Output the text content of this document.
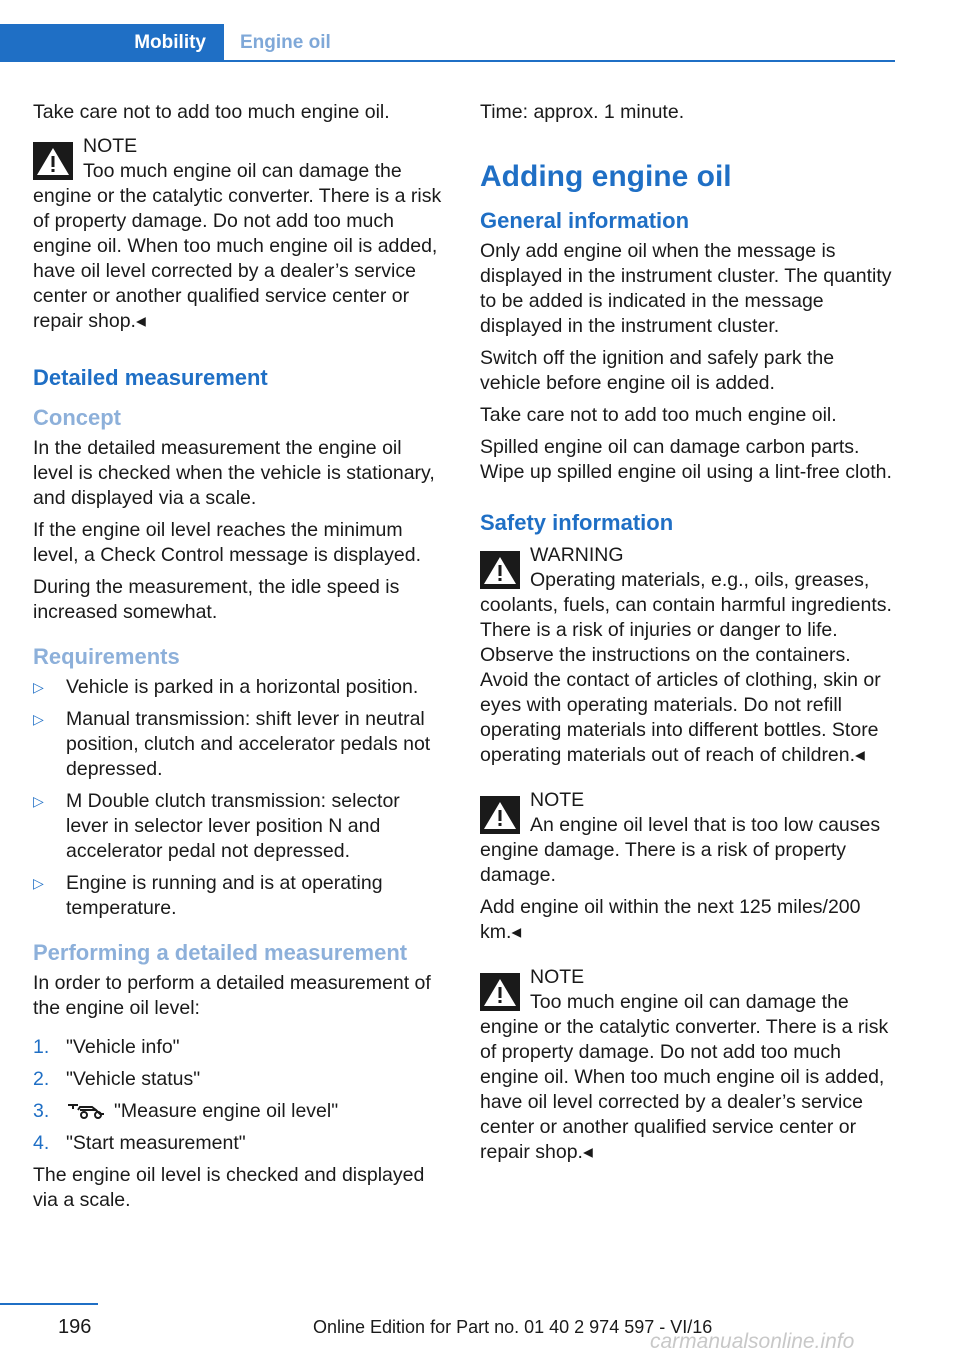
Mobility	Engine oil

Take care not to add too much engine oil.

NOTE
Too much engine oil can damage the engine or the catalytic converter. There is a risk of property damage. Do not add too much engine oil. When too much engine oil is added, have oil level corrected by a dealer’s service center or another qualified service center or repair shop.◂
Detailed measurement
Concept

In the detailed measurement the engine oil level is checked when the vehicle is stationary, and displayed via a scale.

If the engine oil level reaches the minimum level, a Check Control message is displayed.

During the measurement, the idle speed is increased somewhat.

Requirements
▷ Vehicle is parked in a horizontal position.
▷ Manual transmission: shift lever in neutral position, clutch and accelerator pedals not depressed.
▷ M Double clutch transmission: selector lever in selector lever position N and accelerator pedal not depressed.
▷ Engine is running and is at operating temperature.
Performing a detailed measurement

In order to perform a detailed measurement of the engine oil level:

1. "Vehicle info"
2. "Vehicle status"
3.	"Measure engine oil level"
4. "Start measurement"

The engine oil level is checked and displayed via a scale.

Time: approx. 1 minute.

Adding engine oil
General information

Only add engine oil when the message is displayed in the instrument cluster. The quantity to be added is indicated in the message displayed in the instrument cluster.

Switch off the ignition and safely park the vehicle before engine oil is added.

Take care not to add too much engine oil.

Spilled engine oil can damage carbon parts. Wipe up spilled engine oil using a lint-free cloth.

Safety information
WARNING
Operating materials, e.g., oils, greases, coolants, fuels, can contain harmful ingredients. There is a risk of injuries or danger to life. Observe the instructions on the containers. Avoid the contact of articles of clothing, skin or eyes with operating materials. Do not refill operating materials into different bottles. Store operating materials out of reach of children.◂
NOTE
An engine oil level that is too low causes engine damage. There is a risk of property damage.

Add engine oil within the next 125 miles/200 km.◂

NOTE
Too much engine oil can damage the engine or the catalytic converter. There is a risk of property damage. Do not add too much engine oil. When too much engine oil is added, have oil level corrected by a dealer’s service center or another qualified service center or repair shop.◂
196	Online Edition for Part no. 01 40 2 974 597 - VI/16
carmanualsonline.info
